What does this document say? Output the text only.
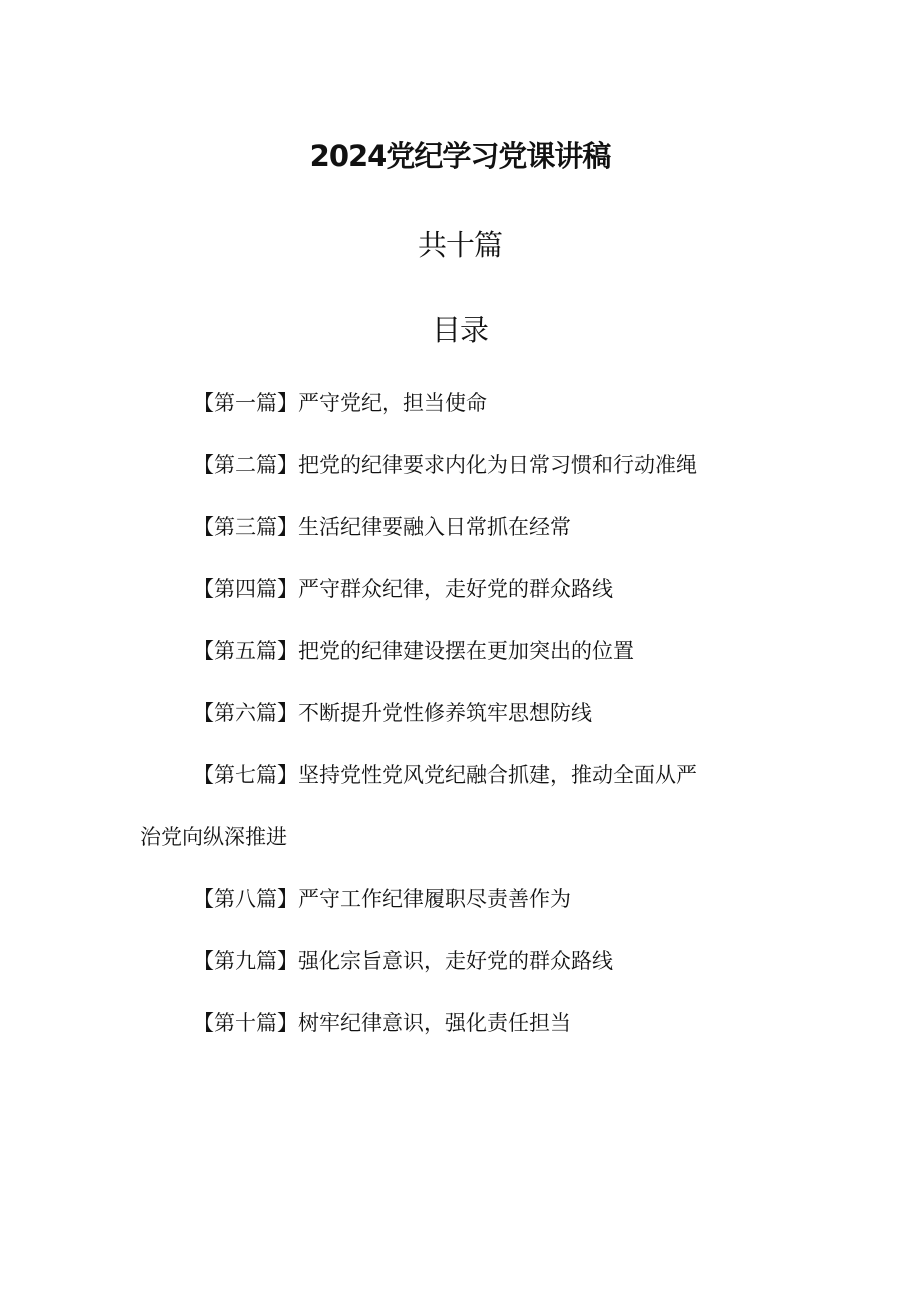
2024党纪学习党课讲稿
共十篇
目录
【第一篇】严守党纪，担当使命
【第二篇】把党的纪律要求内化为日常习惯和行动准绳
【第三篇】生活纪律要融入日常抓在经常
【第四篇】严守群众纪律，走好党的群众路线
【第五篇】把党的纪律建设摆在更加突出的位置
【第六篇】不断提升党性修养筑牢思想防线
【第七篇】坚持党性党风党纪融合抓建，推动全面从严
治党向纵深推进
【第八篇】严守工作纪律履职尽责善作为
【第九篇】强化宗旨意识，走好党的群众路线
【第十篇】树牢纪律意识，强化责任担当
